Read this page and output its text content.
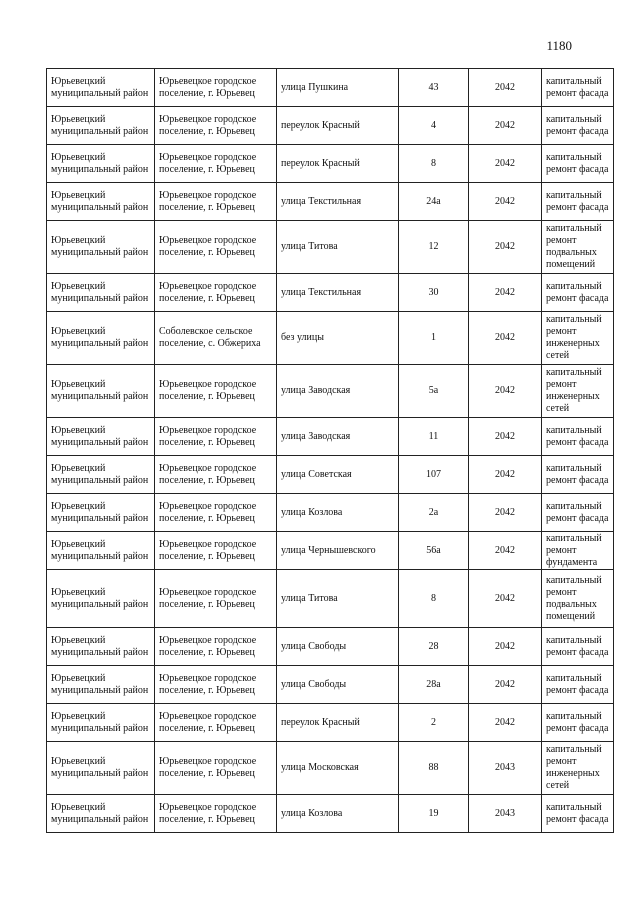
1180
Юрьевецкий муниципальный район	Юрьевецкое городское поселение, г. Юрьевец	улица Пушкина	43	2042	капитальный ремонт фасада
Юрьевецкий муниципальный район	Юрьевецкое городское поселение, г. Юрьевец	переулок Красный	4	2042	капитальный ремонт фасада
Юрьевецкий муниципальный район	Юрьевецкое городское поселение, г. Юрьевец	переулок Красный	8	2042	капитальный ремонт фасада
Юрьевецкий муниципальный район	Юрьевецкое городское поселение, г. Юрьевец	улица Текстильная	24а	2042	капитальный ремонт фасада
Юрьевецкий муниципальный район	Юрьевецкое городское поселение, г. Юрьевец	улица Титова	12	2042	капитальный ремонт подвальных помещений
Юрьевецкий муниципальный район	Юрьевецкое городское поселение, г. Юрьевец	улица Текстильная	30	2042	капитальный ремонт фасада
Юрьевецкий муниципальный район	Соболевское сельское поселение, с. Обжериха	без улицы	1	2042	капитальный ремонт инженерных сетей
Юрьевецкий муниципальный район	Юрьевецкое городское поселение, г. Юрьевец	улица Заводская	5а	2042	капитальный ремонт инженерных сетей
Юрьевецкий муниципальный район	Юрьевецкое городское поселение, г. Юрьевец	улица Заводская	11	2042	капитальный ремонт фасада
Юрьевецкий муниципальный район	Юрьевецкое городское поселение, г. Юрьевец	улица Советская	107	2042	капитальный ремонт фасада
Юрьевецкий муниципальный район	Юрьевецкое городское поселение, г. Юрьевец	улица Козлова	2а	2042	капитальный ремонт фасада
Юрьевецкий муниципальный район	Юрьевецкое городское поселение, г. Юрьевец	улица Чернышевского	56а	2042	капитальный ремонт фундамента
Юрьевецкий муниципальный район	Юрьевецкое городское поселение, г. Юрьевец	улица Титова	8	2042	капитальный ремонт подвальных помещений
Юрьевецкий муниципальный район	Юрьевецкое городское поселение, г. Юрьевец	улица Свободы	28	2042	капитальный ремонт фасада
Юрьевецкий муниципальный район	Юрьевецкое городское поселение, г. Юрьевец	улица Свободы	28а	2042	капитальный ремонт фасада
Юрьевецкий муниципальный район	Юрьевецкое городское поселение, г. Юрьевец	переулок Красный	2	2042	капитальный ремонт фасада
Юрьевецкий муниципальный район	Юрьевецкое городское поселение, г. Юрьевец	улица Московская	88	2043	капитальный ремонт инженерных сетей
Юрьевецкий муниципальный район	Юрьевецкое городское поселение, г. Юрьевец	улица Козлова	19	2043	капитальный ремонт фасада
